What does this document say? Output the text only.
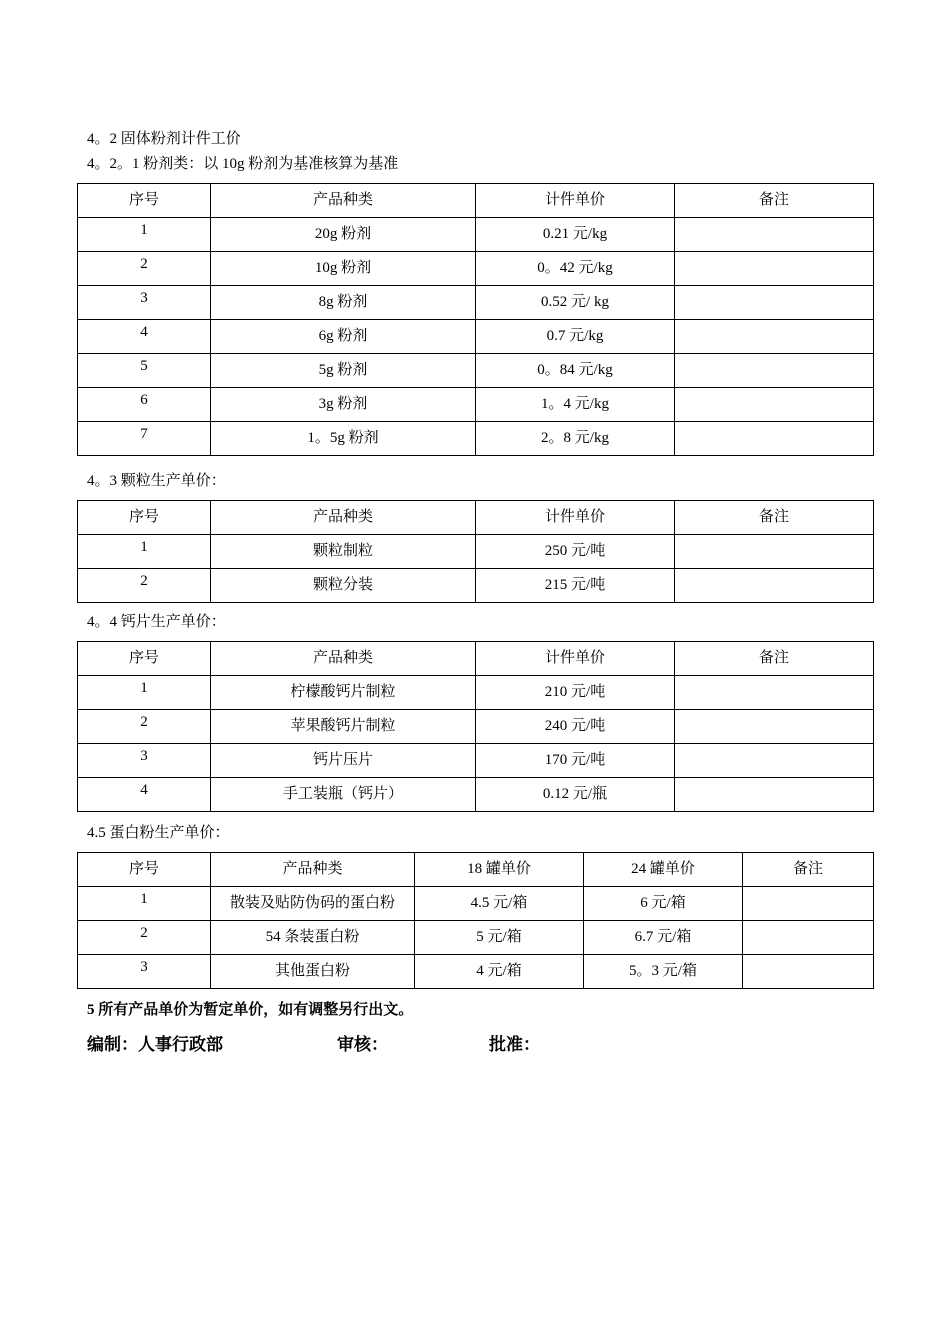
4。2 固体粉剂计件工价
4。2。1 粉剂类：以 10g 粉剂为基准核算为基准
序号	产品种类	计件单价	备注
1	20g 粉剂	0.21 元/kg	
2	10g 粉剂	0。42 元/kg	
3	8g 粉剂	0.52 元/ kg	
4	6g 粉剂	0.7 元/kg	
5	5g 粉剂	0。84 元/kg	
6	3g 粉剂	1。4 元/kg	
7	1。5g 粉剂	2。8 元/kg	
4。3 颗粒生产单价：
序号	产品种类	计件单价	备注
1	颗粒制粒	250 元/吨	
2	颗粒分装	215 元/吨	
4。4 钙片生产单价：
序号	产品种类	计件单价	备注
1	柠檬酸钙片制粒	210 元/吨	
2	苹果酸钙片制粒	240 元/吨	
3	钙片压片	170 元/吨	
4	手工装瓶（钙片）	0.12 元/瓶	
4.5 蛋白粉生产单价：
序号	产品种类	18 罐单价	24 罐单价	备注
1	散装及贴防伪码的蛋白粉	4.5 元/箱	6 元/箱	
2	54 条装蛋白粉	5 元/箱	6.7 元/箱	
3	其他蛋白粉	4 元/箱	5。3 元/箱	
5 所有产品单价为暂定单价，如有调整另行出文。
编制：人事行政部	审核：	批准：
